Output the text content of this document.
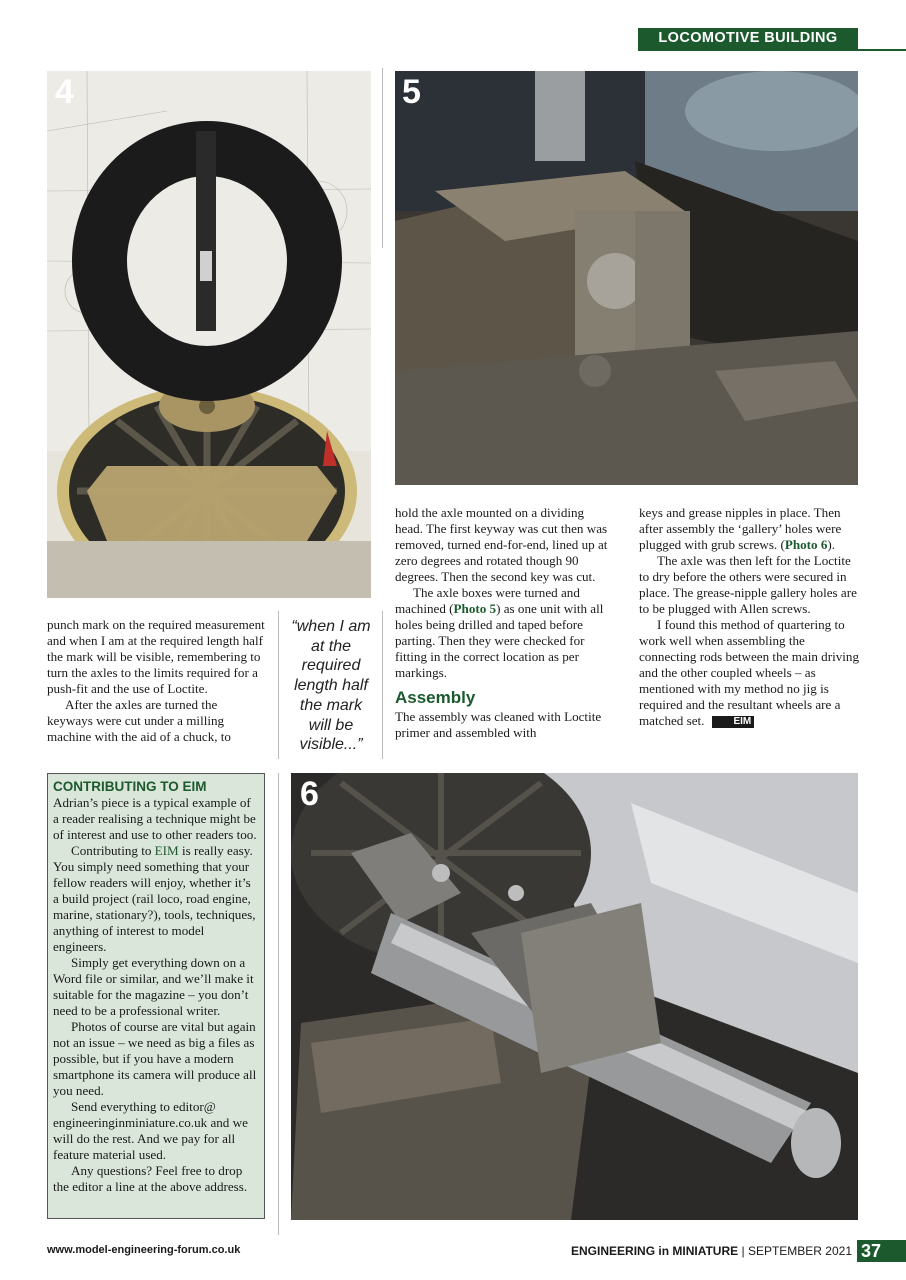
LOCOMOTIVE BUILDING
4	5
6

punch mark on the required measurement and when I am at the required length half the mark will be visible, remembering to turn the axles to the limits required for a push-fit and the use of Loctite.

After the axles are turned the keyways were cut under a milling machine with the aid of a chuck, to

“when I am at the required length half the mark will be visible...”

hold the axle mounted on a dividing head. The first keyway was cut then was removed, turned end-for-end, lined up at zero degrees and rotated though 90 degrees. Then the second key was cut.

The axle boxes were turned and machined (Photo 5) as one unit with all holes being drilled and taped before parting. Then they were checked for fitting in the correct location as per markings.

Assembly

The assembly was cleaned with Loctite primer and assembled with

keys and grease nipples in place. Then after assembly the ‘gallery’ holes were plugged with grub screws. (Photo 6).

The axle was then left for the Loctite to dry before the others were secured in place. The grease-nipple gallery holes are to be plugged with Allen screws.

I found this method of quartering to work well when assembling the connecting rods between the main driving and the other coupled wheels – as mentioned with my method no jig is required and the resultant wheels are a matched set.	EIM

CONTRIBUTING TO EIM

Adrian’s piece is a typical example of a reader realising a technique might be of interest and use to other readers too.

Contributing to EIM is really easy. You simply need something that your fellow readers will enjoy, whether it’s a build project (rail loco, road engine, marine, stationary?), tools, techniques, anything of interest to model engineers.

Simply get everything down on a Word file or similar, and we’ll make it suitable for the magazine – you don’t need to be a professional writer.

Photos of course are vital but again not an issue – we need as big a files as possible, but if you have a modern smartphone its camera will produce all you need.

Send everything to editor@ engineeringinminiature.co.uk and we will do the rest. And we pay for all feature material used.

Any questions? Feel free to drop the editor a line at the above address.

www.model-engineering-forum.co.uk	ENGINEERING in MINIATURE | SEPTEMBER 2021 37
